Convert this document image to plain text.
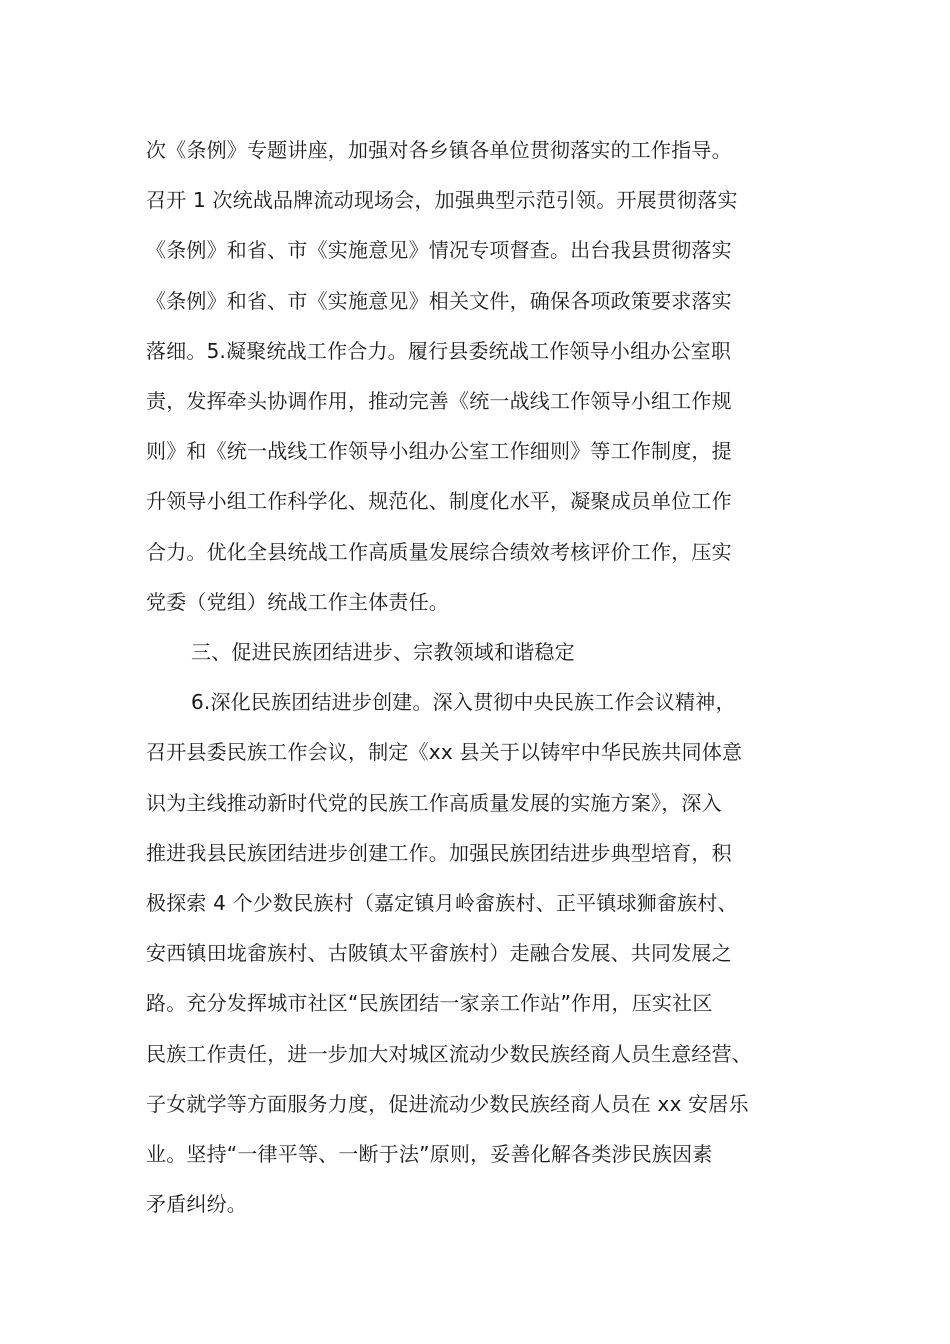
次《条例》专题讲座，加强对各乡镇各单位贯彻落实的工作指导。
召开 1 次统战品牌流动现场会，加强典型示范引领。开展贯彻落实
《条例》和省、市《实施意见》情况专项督查。出台我县贯彻落实
《条例》和省、市《实施意见》相关文件，确保各项政策要求落实
落细。5.凝聚统战工作合力。履行县委统战工作领导小组办公室职
责，发挥牵头协调作用，推动完善《统一战线工作领导小组工作规
则》和《统一战线工作领导小组办公室工作细则》等工作制度，提
升领导小组工作科学化、规范化、制度化水平，凝聚成员单位工作
合力。优化全县统战工作高质量发展综合绩效考核评价工作，压实
党委（党组）统战工作主体责任。
三、促进民族团结进步、宗教领域和谐稳定
6.深化民族团结进步创建。深入贯彻中央民族工作会议精神，
召开县委民族工作会议，制定《xx 县关于以铸牢中华民族共同体意
识为主线推动新时代党的民族工作高质量发展的实施方案》，深入
推进我县民族团结进步创建工作。加强民族团结进步典型培育，积
极探索 4 个少数民族村（嘉定镇月岭畲族村、正平镇球狮畲族村、
安西镇田垅畲族村、古陂镇太平畲族村）走融合发展、共同发展之
路。充分发挥城市社区“民族团结一家亲工作站”作用，压实社区
民族工作责任，进一步加大对城区流动少数民族经商人员生意经营、
子女就学等方面服务力度，促进流动少数民族经商人员在 xx 安居乐
业。坚持“一律平等、一断于法”原则，妥善化解各类涉民族因素
矛盾纠纷。
